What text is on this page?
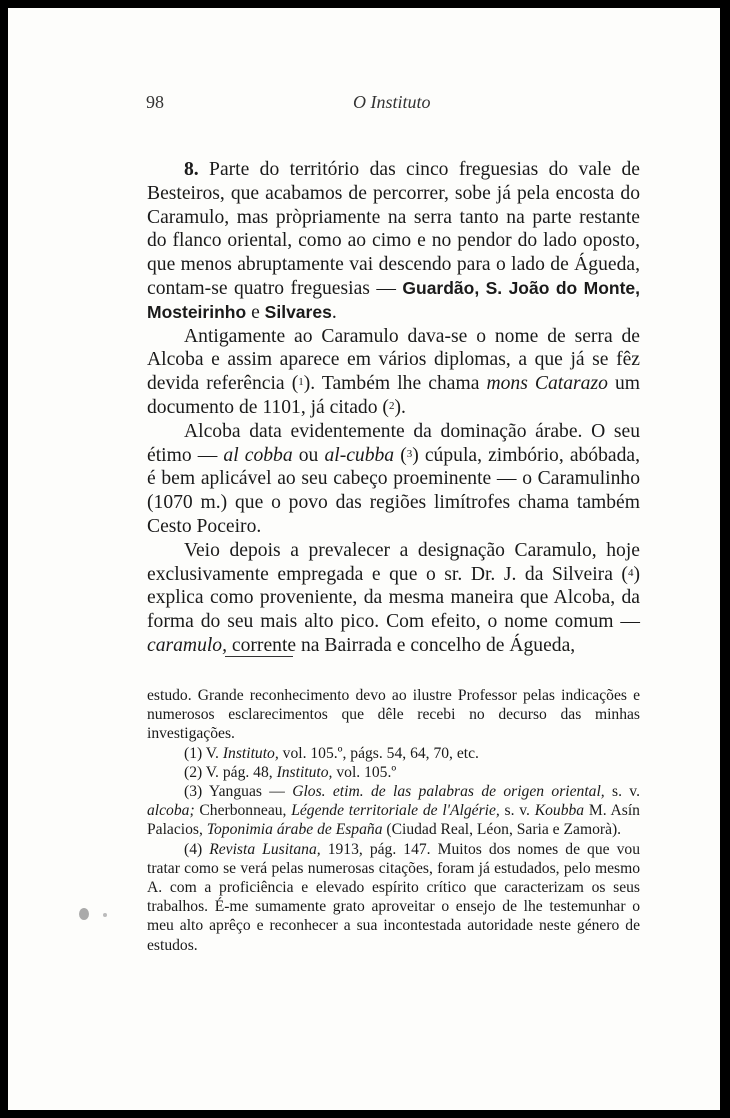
98	O Instituto

8. Parte do território das cinco freguesias do vale de Besteiros, que acabamos de percorrer, sobe já pela encosta do Caramulo, mas pròpriamente na serra tanto na parte restante do flanco oriental, como ao cimo e no pendor do lado oposto, que menos abruptamente vai descendo para o lado de Águeda, contam-se quatro freguesias — Guardão, S. João do Monte, Mosteirinho e Silvares.

Antigamente ao Caramulo dava-se o nome de serra de Alcoba e assim aparece em vários diplomas, a que já se fêz devida referência ($^1$). Também lhe chama mons Catarazo um documento de 1101, já citado ($^2$).

Alcoba data evidentemente da dominação árabe. O seu étimo — al cobba ou al-cubba ($^3$) cúpula, zimbório, abóbada, é bem aplicável ao seu cabeço proeminente — o Caramulinho (1070 m.) que o povo das regiões limítrofes chama também Cesto Poceiro.

Veio depois a prevalecer a designação Caramulo, hoje exclusivamente empregada e que o sr. Dr. J. da Silveira ($^4$) explica como proveniente, da mesma maneira que Alcoba, da forma do seu mais alto pico. Com efeito, o nome comum — caramulo, corrente na Bairrada e concelho de Águeda,

estudo. Grande reconhecimento devo ao ilustre Professor pelas indicações e numerosos esclarecimentos que dêle recebi no decurso das minhas investigações.

(1) V. Instituto, vol. 105.º, págs. 54, 64, 70, etc.

(2) V. pág. 48, Instituto, vol. 105.º

(3) Yanguas — Glos. etim. de las palabras de origen oriental, s. v. alcoba; Cherbonneau, Légende territoriale de l'Algérie, s. v. Koubba M. Asín Palacios, Toponimia árabe de España (Ciudad Real, Léon, Saria e Zamorà).

(4) Revista Lusitana, 1913, pág. 147. Muitos dos nomes de que vou tratar como se verá pelas numerosas citações, foram já estudados, pelo mesmo A. com a proficiência e elevado espírito crítico que caracterizam os seus trabalhos. É-me sumamente grato aproveitar o ensejo de lhe testemunhar o meu alto aprêço e reconhecer a sua incontestada autoridade neste género de estudos.
